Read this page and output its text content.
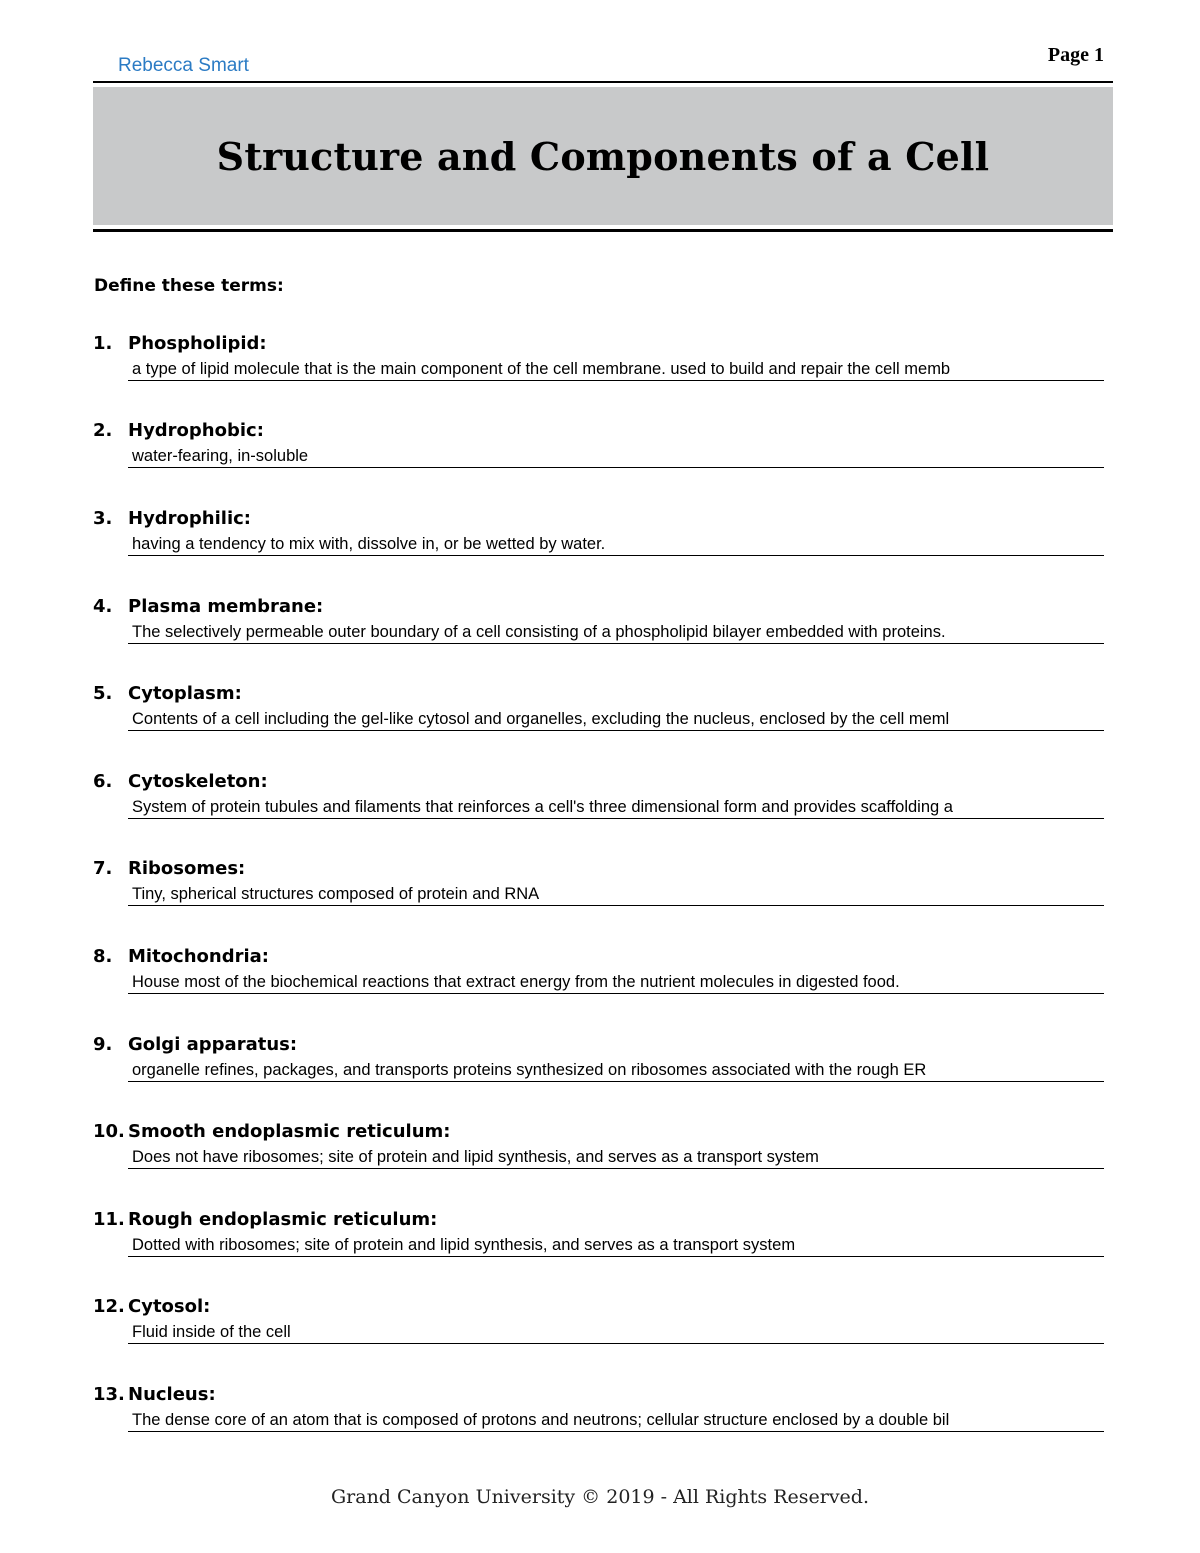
Rebecca Smart	Page 1
Structure and Components of a Cell
Define these terms:
1. Phospholipid:
a type of lipid molecule that is the main component of the cell membrane. used to build and repair the cell memb
2. Hydrophobic:
water-fearing, in-soluble
3. Hydrophilic:
having a tendency to mix with, dissolve in, or be wetted by water.
4. Plasma membrane:
The selectively permeable outer boundary of a cell consisting of a phospholipid bilayer embedded with proteins.
5. Cytoplasm:
Contents of a cell including the gel-like cytosol and organelles, excluding the nucleus, enclosed by the cell meml
6. Cytoskeleton:
System of protein tubules and filaments that reinforces a cell's three dimensional form and provides scaffolding a
7. Ribosomes:
Tiny, spherical structures composed of protein and RNA
8. Mitochondria:
House most of the biochemical reactions that extract energy from the nutrient molecules in digested food.
9. Golgi apparatus:
organelle refines, packages, and transports proteins synthesized on ribosomes associated with the rough ER
10. Smooth endoplasmic reticulum:
Does not have ribosomes; site of protein and lipid synthesis, and serves as a transport system
11. Rough endoplasmic reticulum:
Dotted with ribosomes; site of protein and lipid synthesis, and serves as a transport system
12. Cytosol:
Fluid inside of the cell
13. Nucleus:
The dense core of an atom that is composed of protons and neutrons; cellular structure enclosed by a double bil
Grand Canyon University © 2019 - All Rights Reserved.
